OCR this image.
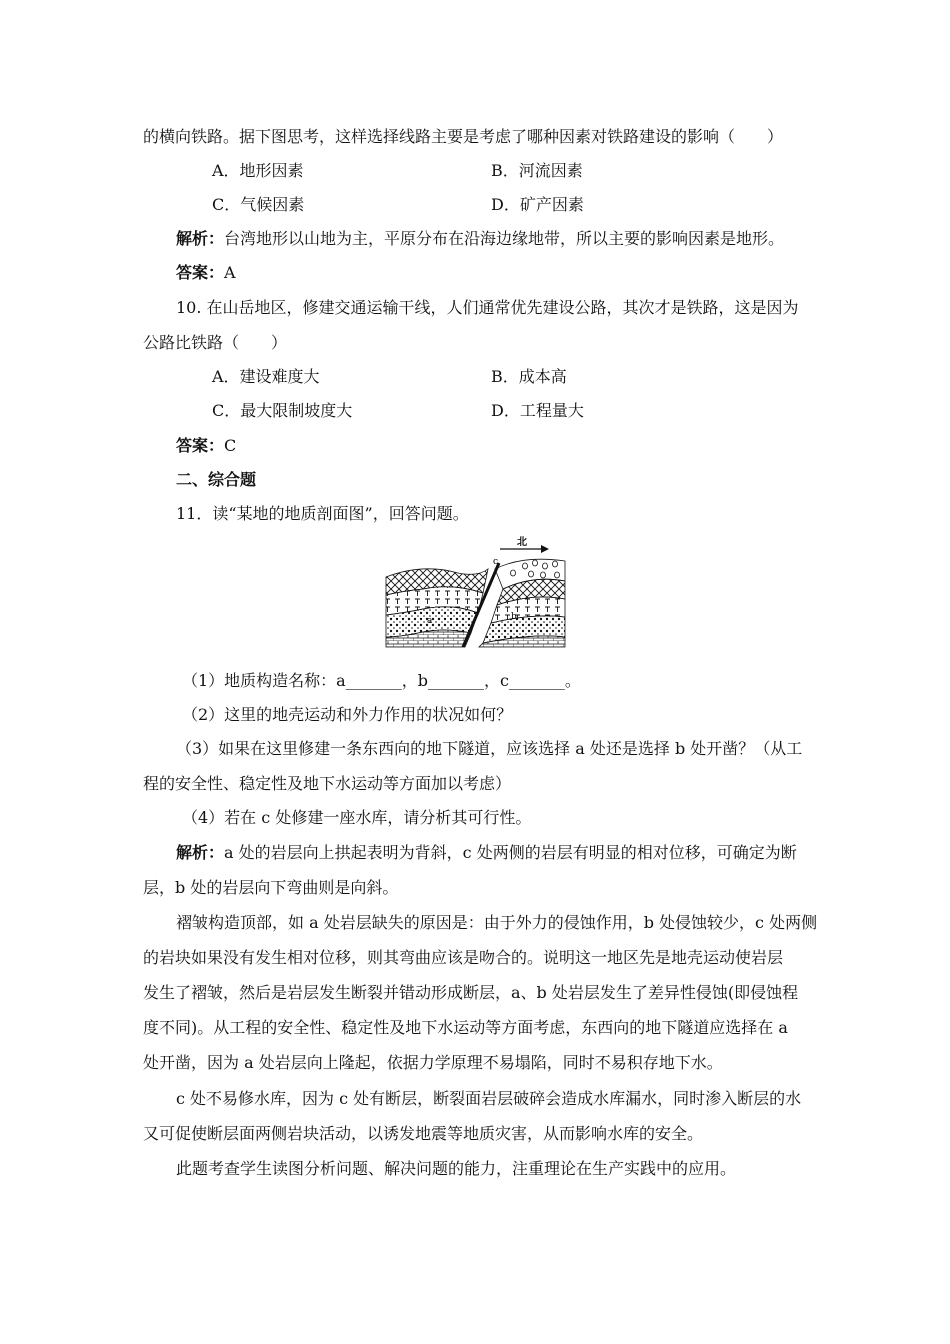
的横向铁路。据下图思考，这样选择线路主要是考虑了哪种因素对铁路建设的影响（　　）
A．地形因素	B．河流因素
C．气候因素	D．矿产因素
解析：台湾地形以山地为主，平原分布在沿海边缘地带，所以主要的影响因素是地形。
答案：A
10. 在山岳地区，修建交通运输干线，人们通常优先建设公路，其次才是铁路，这是因为
公路比铁路（　　）
A．建设难度大	B．成本高
C．最大限制坡度大	D．工程量大
答案：C
二、综合题
11．读“某地的地质剖面图”，回答问题。
北
c
a	b
（1）地质构造名称：a_______，b_______，c_______。
（2）这里的地壳运动和外力作用的状况如何？
（3）如果在这里修建一条东西向的地下隧道，应该选择 a 处还是选择 b 处开凿？（从工
程的安全性、稳定性及地下水运动等方面加以考虑）
（4）若在 c 处修建一座水库，请分析其可行性。
解析：a 处的岩层向上拱起表明为背斜，c 处两侧的岩层有明显的相对位移，可确定为断
层，b 处的岩层向下弯曲则是向斜。
褶皱构造顶部，如 a 处岩层缺失的原因是：由于外力的侵蚀作用，b 处侵蚀较少，c 处两侧
的岩块如果没有发生相对位移，则其弯曲应该是吻合的。说明这一地区先是地壳运动使岩层
发生了褶皱，然后是岩层发生断裂并错动形成断层，a、b 处岩层发生了差异性侵蚀(即侵蚀程
度不同)。从工程的安全性、稳定性及地下水运动等方面考虑，东西向的地下隧道应选择在 a
处开凿，因为 a 处岩层向上隆起，依据力学原理不易塌陷，同时不易积存地下水。
c 处不易修水库，因为 c 处有断层，断裂面岩层破碎会造成水库漏水，同时渗入断层的水
又可促使断层面两侧岩块活动，以诱发地震等地质灾害，从而影响水库的安全。
此题考查学生读图分析问题、解决问题的能力，注重理论在生产实践中的应用。
